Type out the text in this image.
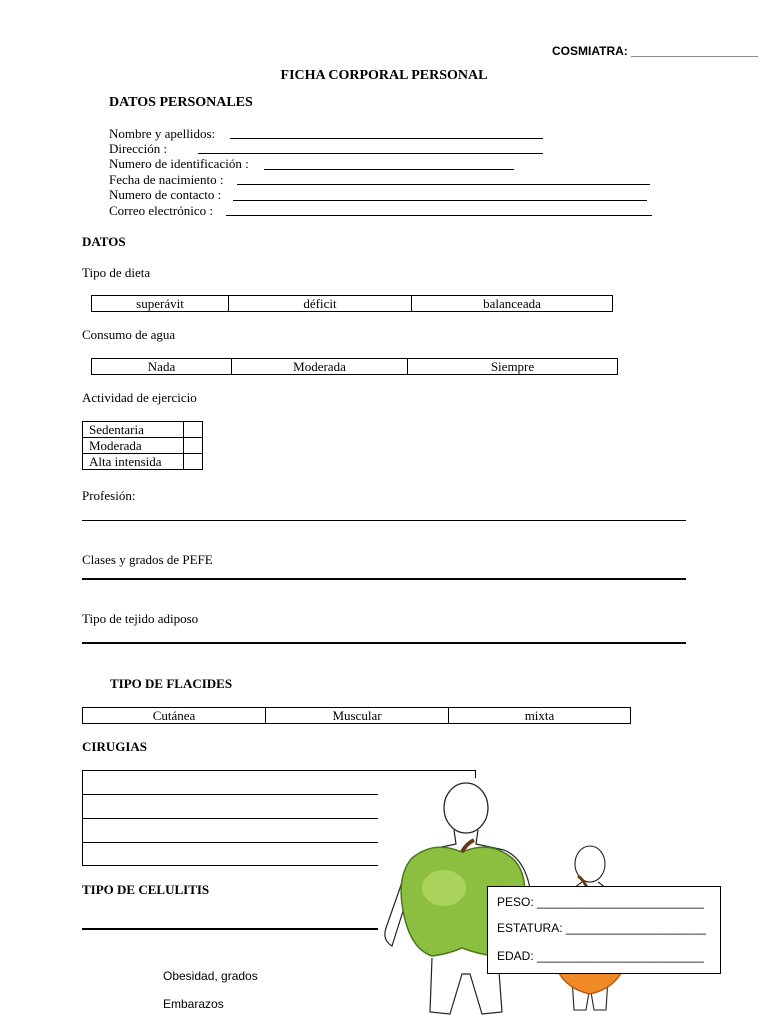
COSMIATRA: ___________________
FICHA CORPORAL PERSONAL
DATOS PERSONALES
Nombre y apellidos:
Dirección :
Numero de identificación :
Fecha de nacimiento :
Numero de contacto :
Correo electrónico :
DATOS
Tipo de dieta
superávit	déficit	balanceada
Consumo de agua
Nada	Moderada	Siempre
Actividad de ejercicio
Sedentaria	
Moderada	
Alta intensida	
Profesión:
Clases y grados de PEFE
Tipo de tejido adiposo
TIPO DE FLACIDES
Cutánea	Muscular	mixta
CIRUGIAS
PESO: _________________________
ESTATURA: _____________________
EDAD: _________________________
TIPO DE CELULITIS
Obesidad, grados
Embarazos
